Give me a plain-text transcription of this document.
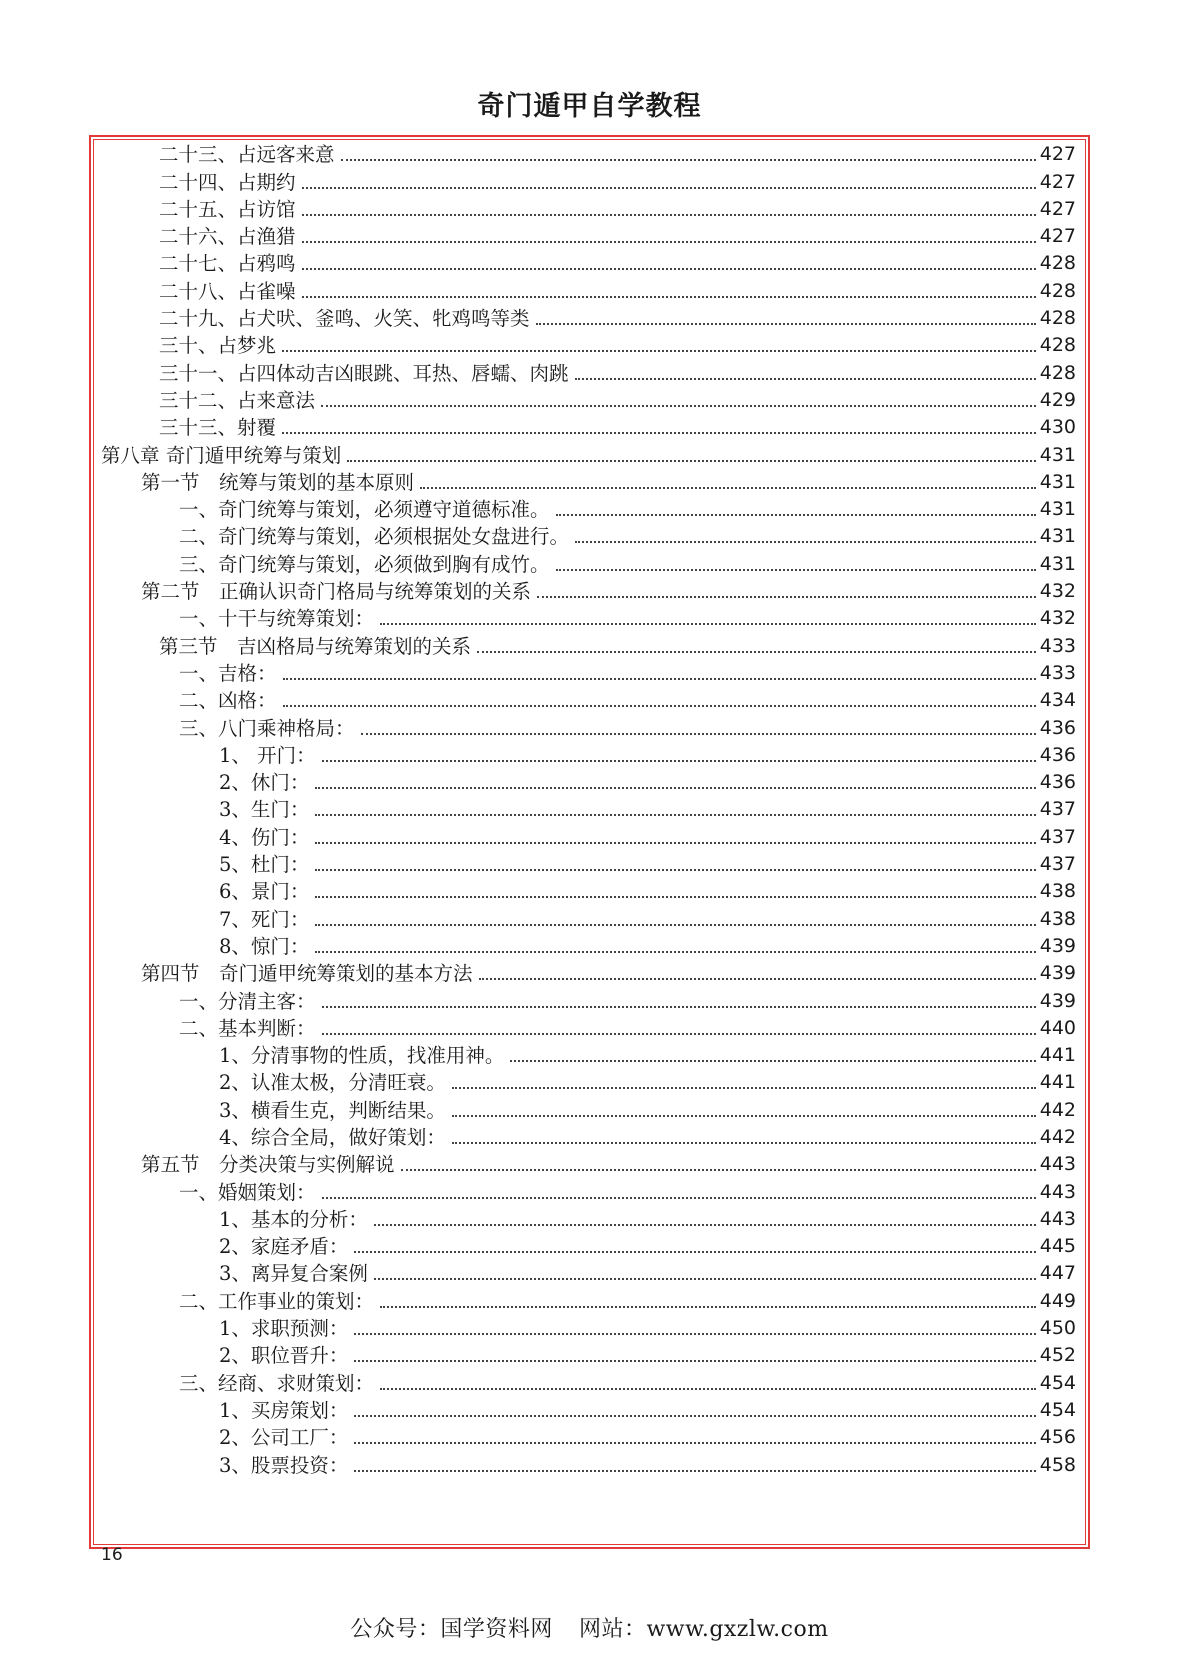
奇门遁甲自学教程
二十三、占远客来意	427
二十四、占期约	427
二十五、占访馆	427
二十六、占渔猎	427
二十七、占鸦鸣	428
二十八、占雀噪	428
二十九、占犬吠、釜鸣、火笑、牝鸡鸣等类	428
三十、占梦兆	428
三十一、占四体动吉凶眼跳、耳热、唇蠕、肉跳	428
三十二、占来意法	429
三十三、射覆	430
第八章 奇门遁甲统筹与策划	431
第一节　统筹与策划的基本原则	431
一、奇门统筹与策划，必须遵守道德标准。	431
二、奇门统筹与策划，必须根据处女盘进行。	431
三、奇门统筹与策划，必须做到胸有成竹。	431
第二节　正确认识奇门格局与统筹策划的关系	432
一、十干与统筹策划：	432
第三节　吉凶格局与统筹策划的关系	433
一、吉格：	433
二、凶格：	434
三、八门乘神格局：	436
1、 开门：	436
2、休门：	436
3、生门：	437
4、伤门：	437
5、杜门：	437
6、景门：	438
7、死门：	438
8、惊门：	439
第四节　奇门遁甲统筹策划的基本方法	439
一、分清主客：	439
二、基本判断：	440
1、分清事物的性质，找准用神。	441
2、认准太极，分清旺衰。	441
3、横看生克，判断结果。	442
4、综合全局，做好策划：	442
第五节　分类决策与实例解说	443
一、婚姻策划：	443
1、基本的分析：	443
2、家庭矛盾：	445
3、离异复合案例	447
二、工作事业的策划：	449
1、求职预测：	450
2、职位晋升：	452
三、经商、求财策划：	454
1、买房策划：	454
2、公司工厂：	456
3、股票投资：	458
16
公众号：国学资料网 网站：www.gxzlw.com
